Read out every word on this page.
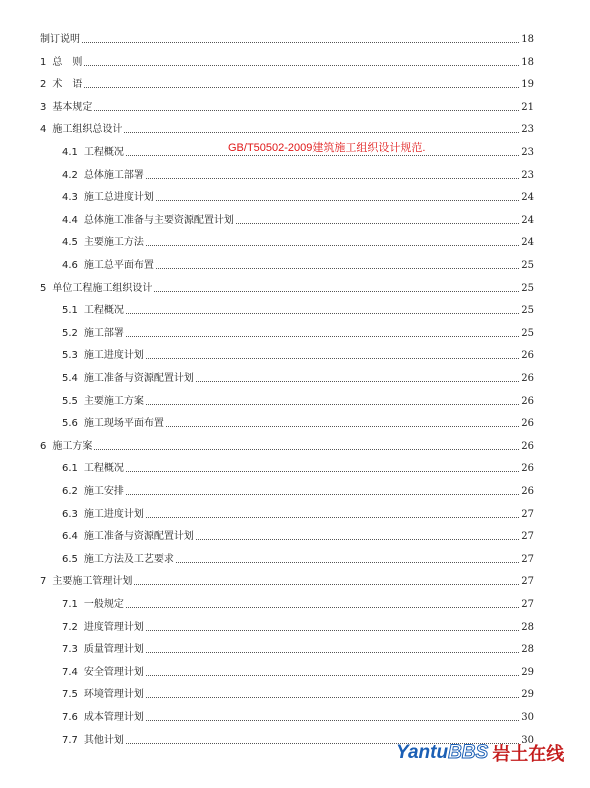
制订说明	18
1 总　则	18
2 术　语	19
3 基本规定	21
4 施工组织总设计	23
4.1 工程概况	23
4.2 总体施工部署	23
4.3 施工总进度计划	24
4.4 总体施工准备与主要资源配置计划	24
4.5 主要施工方法	24
4.6 施工总平面布置	25
5 单位工程施工组织设计	25
5.1 工程概况	25
5.2 施工部署	25
5.3 施工进度计划	26
5.4 施工准备与资源配置计划	26
5.5 主要施工方案	26
5.6 施工现场平面布置	26
6 施工方案	26
6.1 工程概况	26
6.2 施工安排	26
6.3 施工进度计划	27
6.4 施工准备与资源配置计划	27
6.5 施工方法及工艺要求	27
7 主要施工管理计划	27
7.1 一般规定	27
7.2 进度管理计划	28
7.3 质量管理计划	28
7.4 安全管理计划	29
7.5 环境管理计划	29
7.6 成本管理计划	30
7.7 其他计划	30
GB/T50502-2009建筑施工组织设计规范.
Yantu BBS 岩土在线
